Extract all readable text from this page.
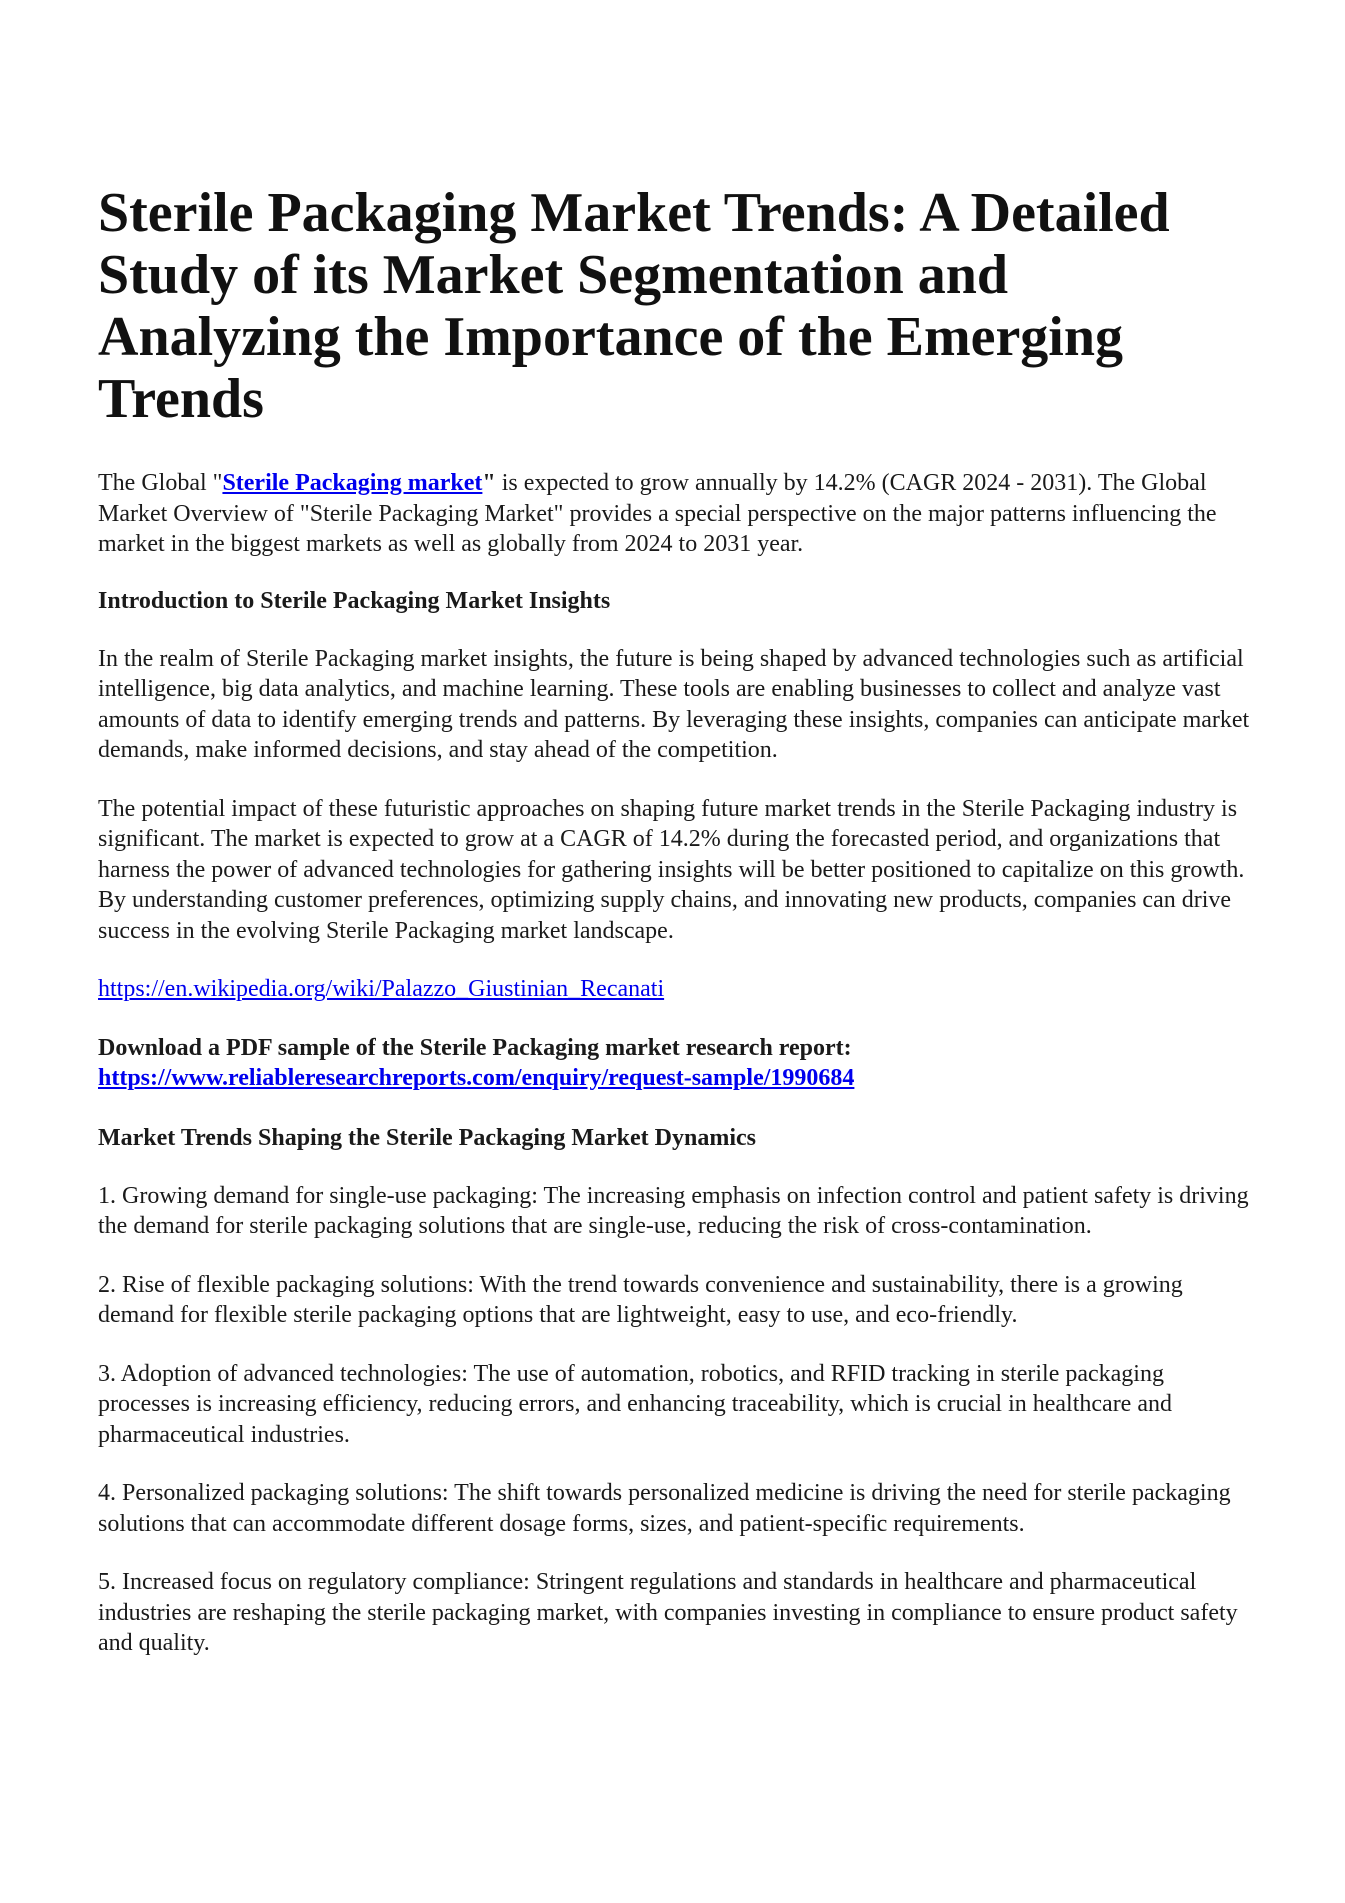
Sterile Packaging Market Trends: A Detailed Study of its Market Segmentation and Analyzing the Importance of the Emerging Trends

The Global "Sterile Packaging market" is expected to grow annually by 14.2% (CAGR 2024 - 2031). The Global Market Overview of "Sterile Packaging Market" provides a special perspective on the major patterns influencing the market in the biggest markets as well as globally from 2024 to 2031 year.

Introduction to Sterile Packaging Market Insights

In the realm of Sterile Packaging market insights, the future is being shaped by advanced technologies such as artificial intelligence, big data analytics, and machine learning. These tools are enabling businesses to collect and analyze vast amounts of data to identify emerging trends and patterns. By leveraging these insights, companies can anticipate market demands, make informed decisions, and stay ahead of the competition.

The potential impact of these futuristic approaches on shaping future market trends in the Sterile Packaging industry is significant. The market is expected to grow at a CAGR of 14.2% during the forecasted period, and organizations that harness the power of advanced technologies for gathering insights will be better positioned to capitalize on this growth. By understanding customer preferences, optimizing supply chains, and innovating new products, companies can drive success in the evolving Sterile Packaging market landscape.

https://en.wikipedia.org/wiki/Palazzo_Giustinian_Recanati

Download a PDF sample of the Sterile Packaging market research report:
https://www.reliableresearchreports.com/enquiry/request-sample/1990684

Market Trends Shaping the Sterile Packaging Market Dynamics

1. Growing demand for single-use packaging: The increasing emphasis on infection control and patient safety is driving the demand for sterile packaging solutions that are single-use, reducing the risk of cross-contamination.

2. Rise of flexible packaging solutions: With the trend towards convenience and sustainability, there is a growing demand for flexible sterile packaging options that are lightweight, easy to use, and eco-friendly.

3. Adoption of advanced technologies: The use of automation, robotics, and RFID tracking in sterile packaging processes is increasing efficiency, reducing errors, and enhancing traceability, which is crucial in healthcare and pharmaceutical industries.

4. Personalized packaging solutions: The shift towards personalized medicine is driving the need for sterile packaging solutions that can accommodate different dosage forms, sizes, and patient-specific requirements.

5. Increased focus on regulatory compliance: Stringent regulations and standards in healthcare and pharmaceutical industries are reshaping the sterile packaging market, with companies investing in compliance to ensure product safety and quality.
